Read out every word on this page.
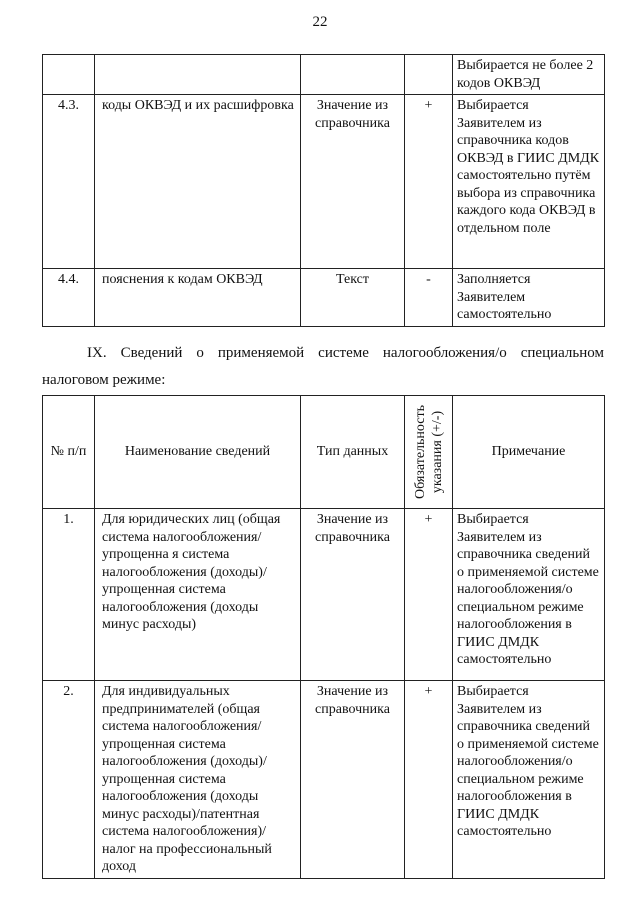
22
				Выбирается не более 2 кодов ОКВЭД
4.3.	коды ОКВЭД и их расшифровка	Значение из справочника	+	Выбирается Заявителем из справочника кодов ОКВЭД в ГИИС ДМДК самостоятельно путём выбора из справочника каждого кода ОКВЭД в отдельном поле
4.4.	пояснения к кодам ОКВЭД	Текст	-	Заполняется Заявителем самостоятельно
IX. Сведений о применяемой системе налогообложения/о специальном
налоговом режиме:
№ п/п	Наименование сведений	Тип данных	Обязательность указания (+/-)	Примечание
1.	Для юридических лиц (общая система налогообложения/упрощенна я система налогообложения (доходы)/упрощенная система налогообложения (доходы минус расходы)	Значение из справочника	+	Выбирается Заявителем из справочника сведений о применяемой системе налогообложения/о специальном режиме налогообложения в ГИИС ДМДК самостоятельно
2.	Для индивидуальных предпринимателей (общая система налогообложения/ упрощенная система налогообложения (доходы)/ упрощенная система налогообложения (доходы минус расходы)/патентная система налогообложения)/ налог на профессиональный доход	Значение из справочника	+	Выбирается Заявителем из справочника сведений о применяемой системе налогообложения/о специальном режиме налогообложения в ГИИС ДМДК самостоятельно
